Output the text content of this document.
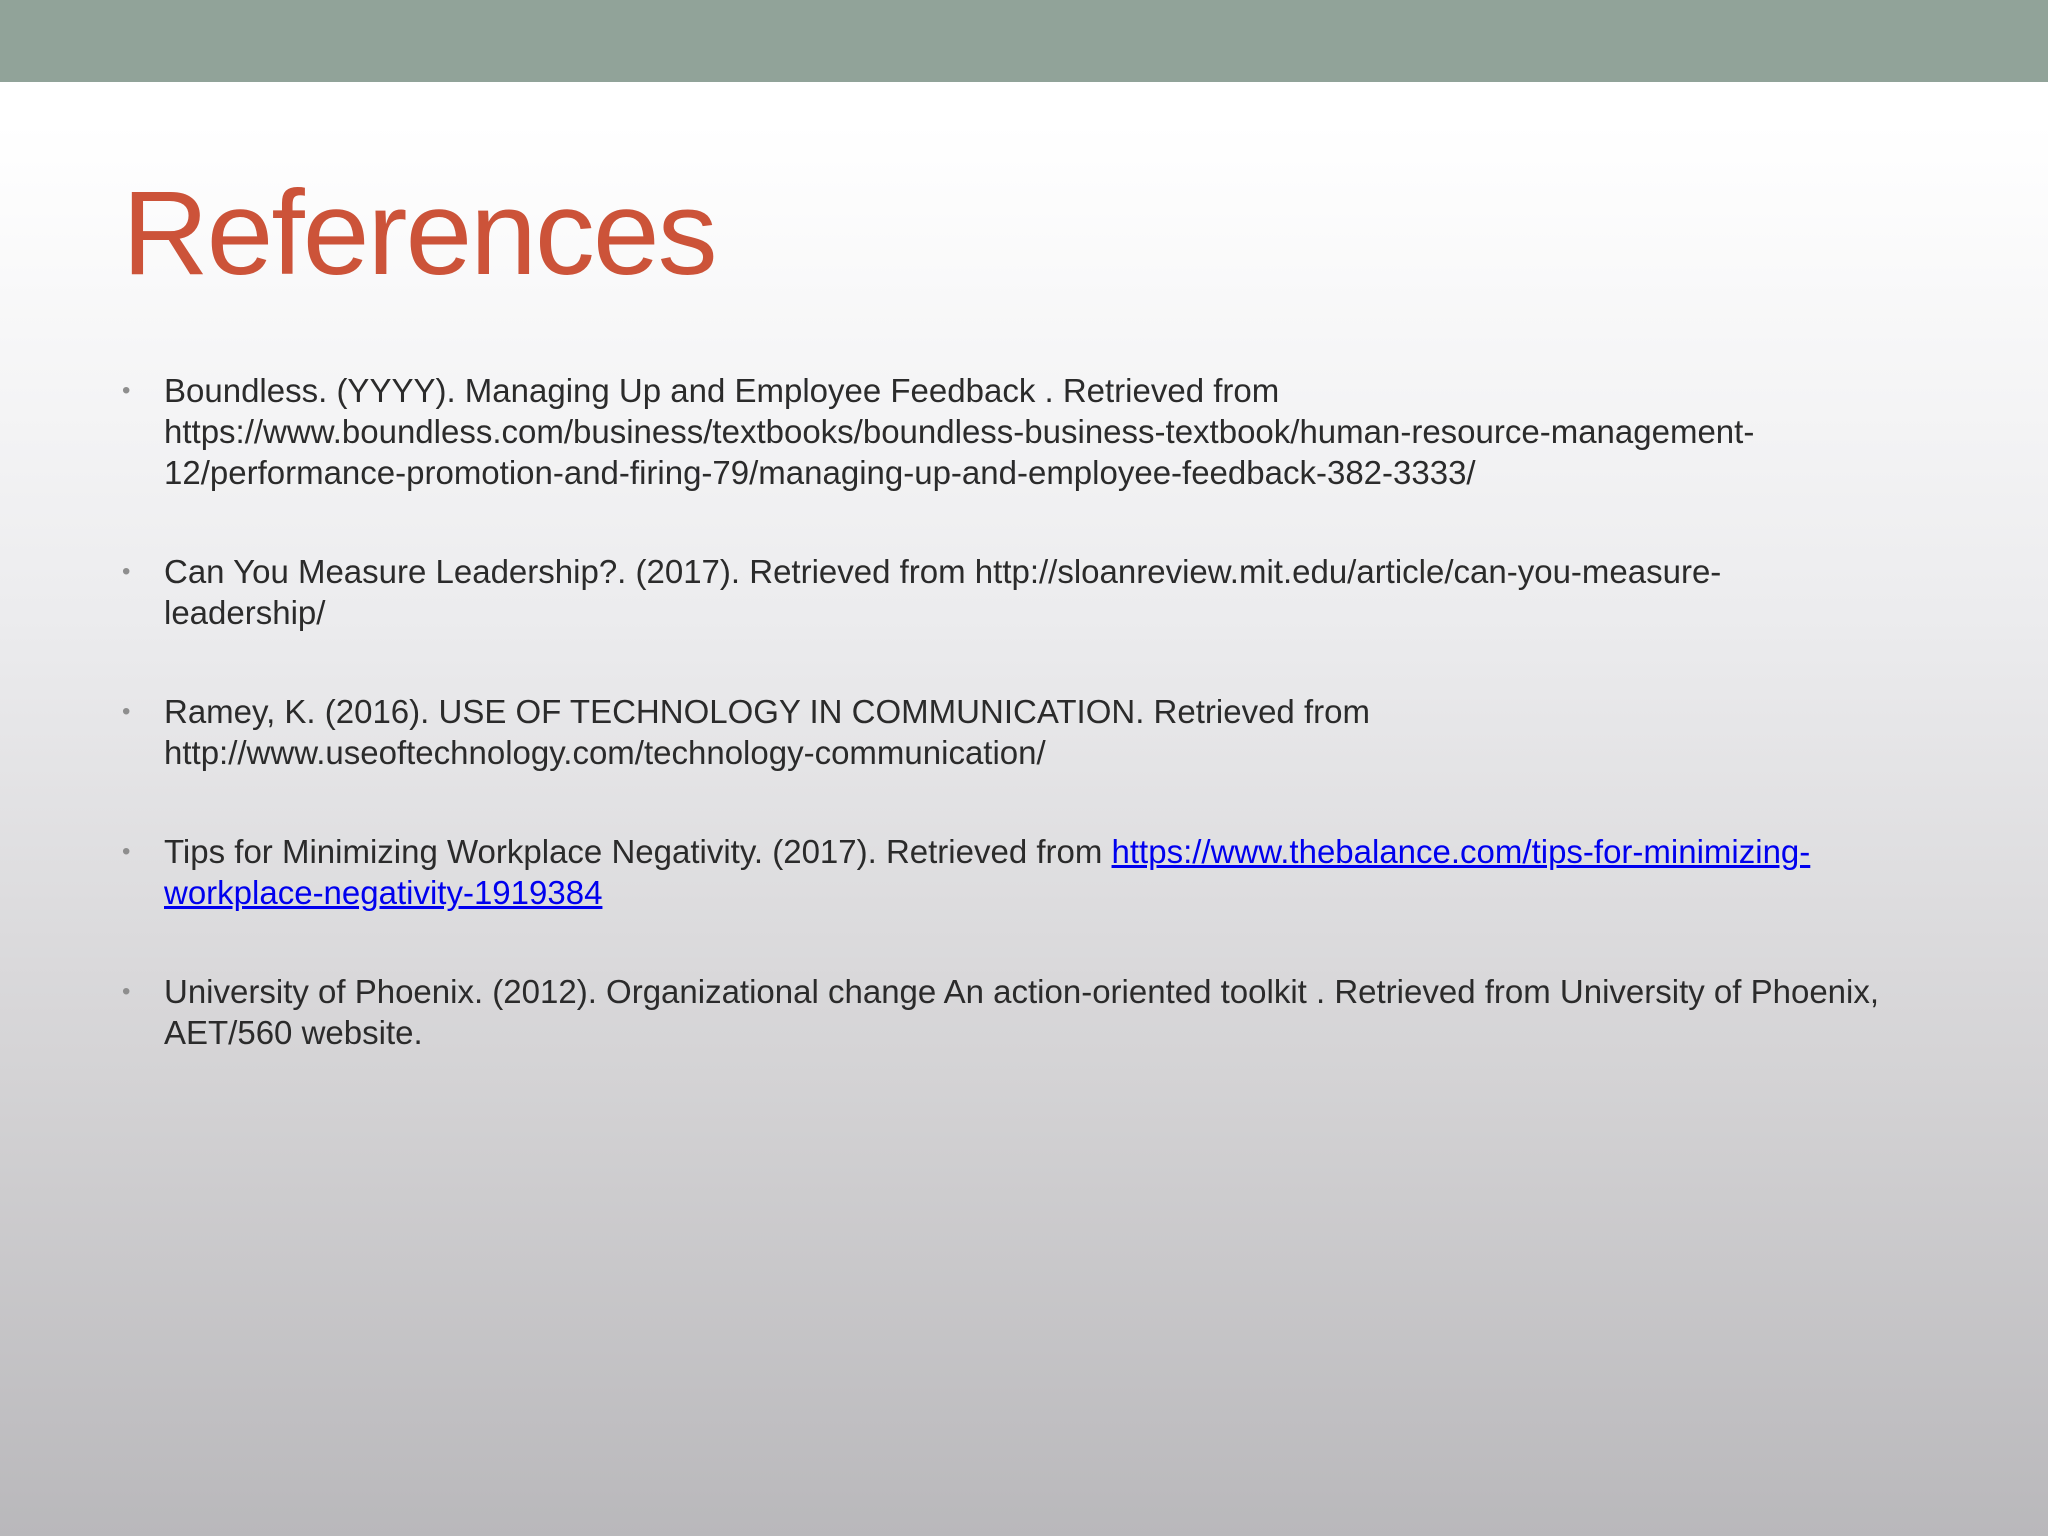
References
• Boundless. (YYYY). Managing Up and Employee Feedback . Retrieved from https://www.boundless.com/business/textbooks/boundless-business-textbook/human-resource-management-12/performance-promotion-and-firing-79/managing-up-and-employee-feedback-382-3333/
• Can You Measure Leadership?. (2017). Retrieved from http://sloanreview.mit.edu/article/can-you-measure-leadership/
• Ramey, K. (2016). USE OF TECHNOLOGY IN COMMUNICATION. Retrieved from http://www.useoftechnology.com/technology-communication/
• Tips for Minimizing Workplace Negativity. (2017). Retrieved from https://www.thebalance.com/tips-for-minimizing-workplace-negativity-1919384
• University of Phoenix. (2012). Organizational change An action-oriented toolkit . Retrieved from University of Phoenix, AET/560 website.
